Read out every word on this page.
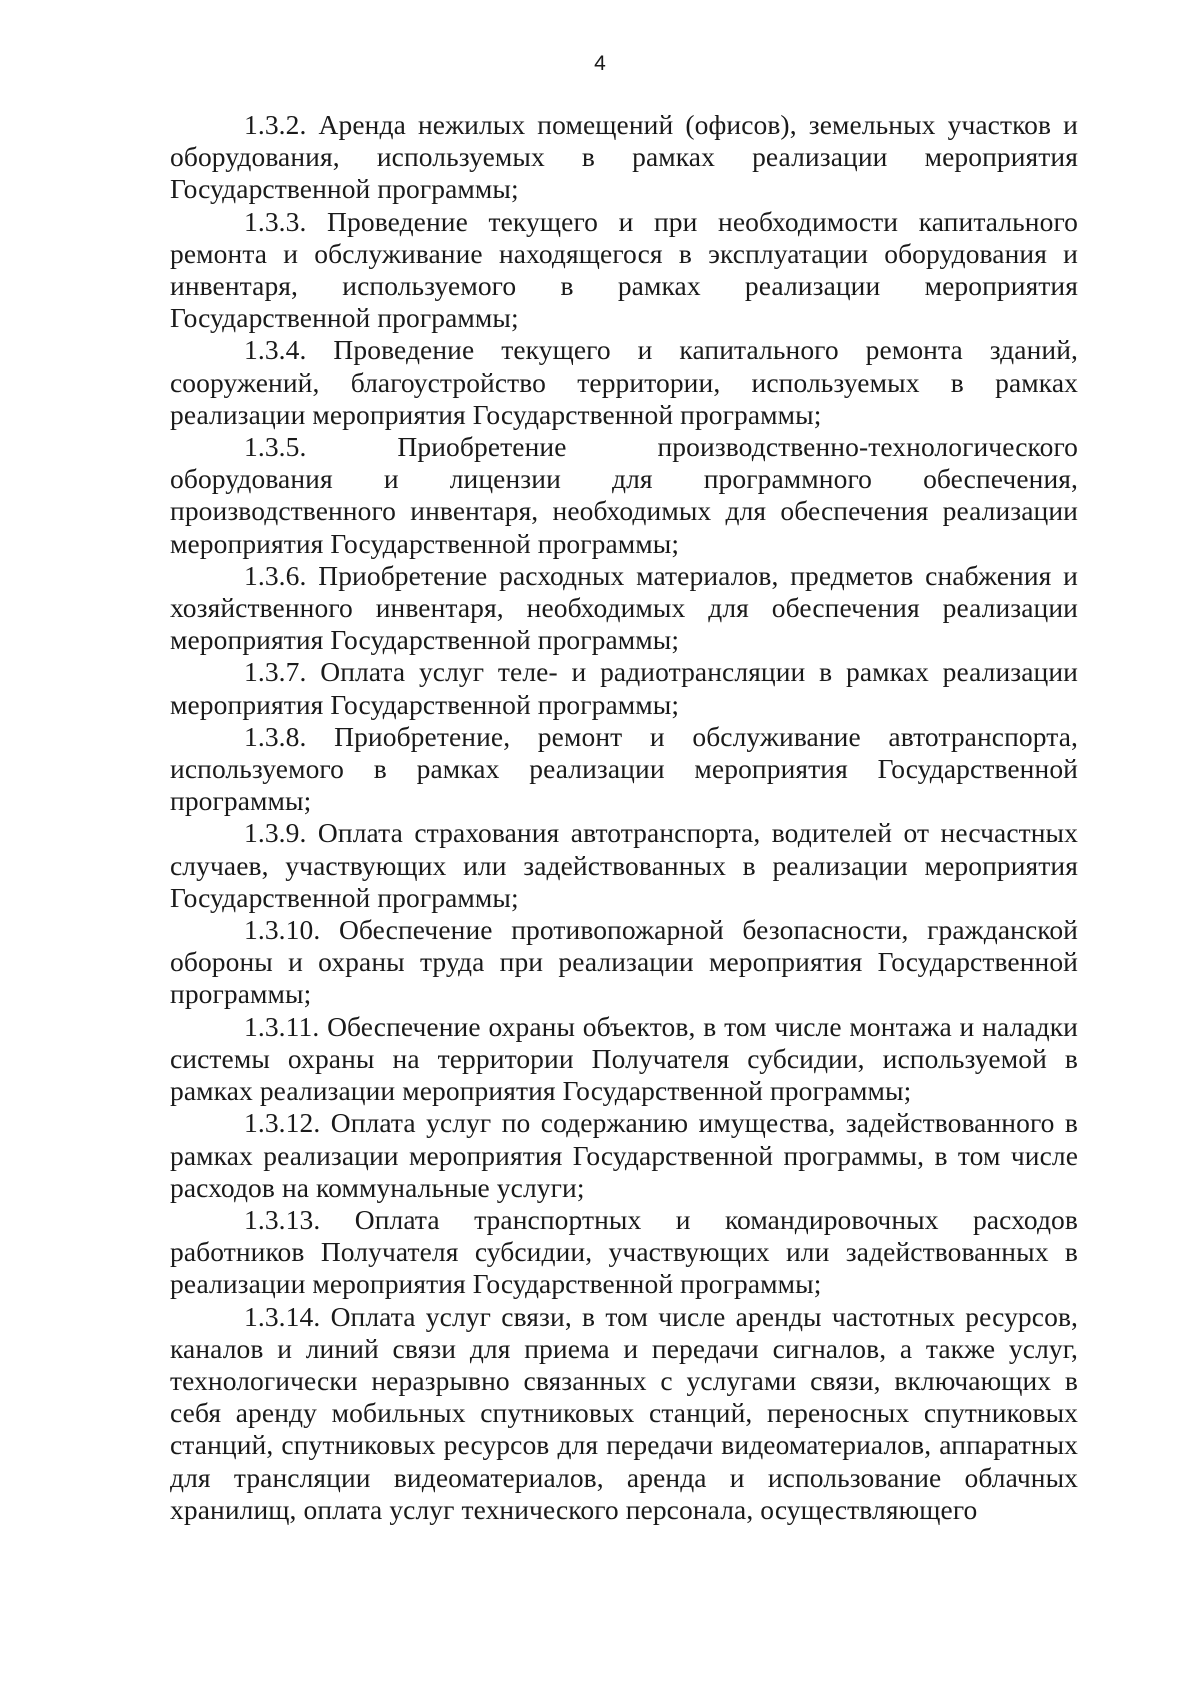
4

1.3.2. Аренда нежилых помещений (офисов), земельных участков и оборудования, используемых в рамках реализации мероприятия Государственной программы;

1.3.3. Проведение текущего и при необходимости капитального ремонта и обслуживание находящегося в эксплуатации оборудования и инвентаря, используемого в рамках реализации мероприятия Государственной программы;

1.3.4. Проведение текущего и капитального ремонта зданий, сооружений, благоустройство территории, используемых в рамках реализации мероприятия Государственной программы;

1.3.5. Приобретение производственно-технологического оборудования и лицензии для программного обеспечения, производственного инвентаря, необходимых для обеспечения реализации мероприятия Государственной программы;

1.3.6. Приобретение расходных материалов, предметов снабжения и хозяйственного инвентаря, необходимых для обеспечения реализации мероприятия Государственной программы;

1.3.7. Оплата услуг теле- и радиотрансляции в рамках реализации мероприятия Государственной программы;

1.3.8. Приобретение, ремонт и обслуживание автотранспорта, используемого в рамках реализации мероприятия Государственной программы;

1.3.9. Оплата страхования автотранспорта, водителей от несчастных случаев, участвующих или задействованных в реализации мероприятия Государственной программы;

1.3.10. Обеспечение противопожарной безопасности, гражданской обороны и охраны труда при реализации мероприятия Государственной программы;

1.3.11. Обеспечение охраны объектов, в том числе монтажа и наладки системы охраны на территории Получателя субсидии, используемой в рамках реализации мероприятия Государственной программы;

1.3.12. Оплата услуг по содержанию имущества, задействованного в рамках реализации мероприятия Государственной программы, в том числе расходов на коммунальные услуги;

1.3.13. Оплата транспортных и командировочных расходов работников Получателя субсидии, участвующих или задействованных в реализации мероприятия Государственной программы;

1.3.14. Оплата услуг связи, в том числе аренды частотных ресурсов, каналов и линий связи для приема и передачи сигналов, а также услуг, технологически неразрывно связанных с услугами связи, включающих в себя аренду мобильных спутниковых станций, переносных спутниковых станций, спутниковых ресурсов для передачи видеоматериалов, аппаратных для трансляции видеоматериалов, аренда и использование облачных хранилищ, оплата услуг технического персонала, осуществляющего
